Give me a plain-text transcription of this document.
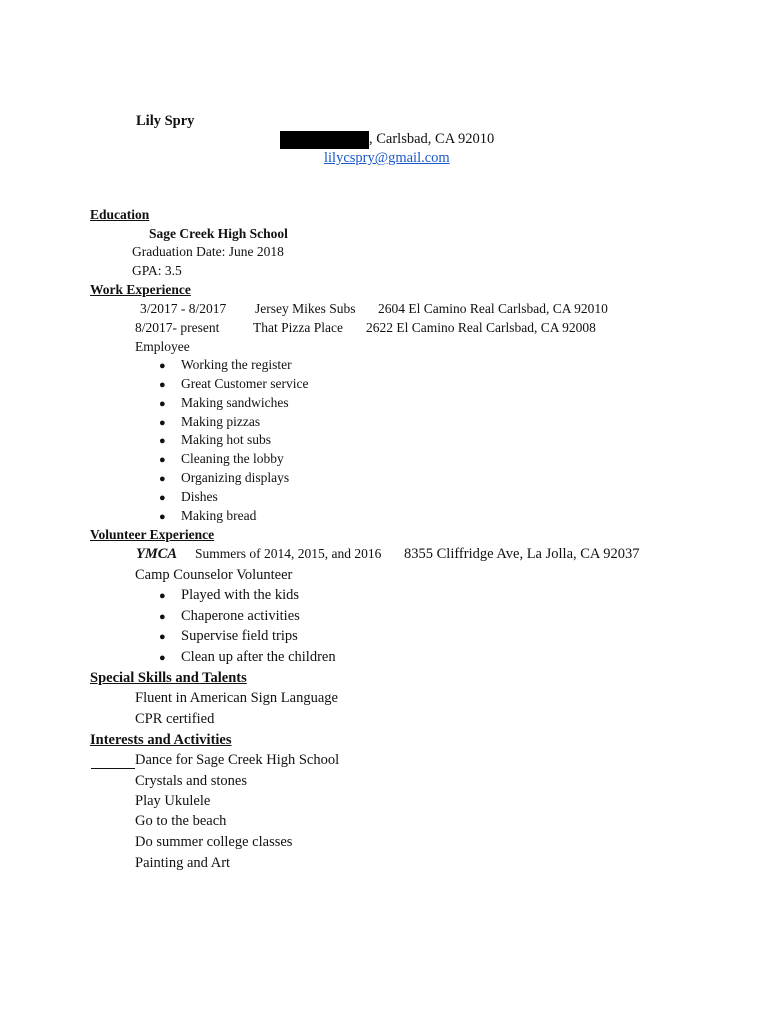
Lily Spry
, Carlsbad, CA 92010
lilycspry@gmail.com
Education
Sage Creek High School
Graduation Date: June 2018
GPA: 3.5
Work Experience
3/2017 - 8/2017 Jersey Mikes Subs 2604 El Camino Real Carlsbad, CA 92010
8/2017- present That Pizza Place 2622 El Camino Real Carlsbad, CA 92008
Employee
● Working the register
● Great Customer service
● Making sandwiches
● Making pizzas
● Making hot subs
● Cleaning the lobby
● Organizing displays
● Dishes
● Making bread
Volunteer Experience
YMCA Summers of 2014, 2015, and 2016 8355 Cliffridge Ave, La Jolla, CA 92037
Camp Counselor Volunteer
● Played with the kids
● Chaperone activities
● Supervise field trips
● Clean up after the children
Special Skills and Talents
Fluent in American Sign Language
CPR certified
Interests and Activities
Dance for Sage Creek High School
Crystals and stones
Play Ukulele
Go to the beach
Do summer college classes
Painting and Art
